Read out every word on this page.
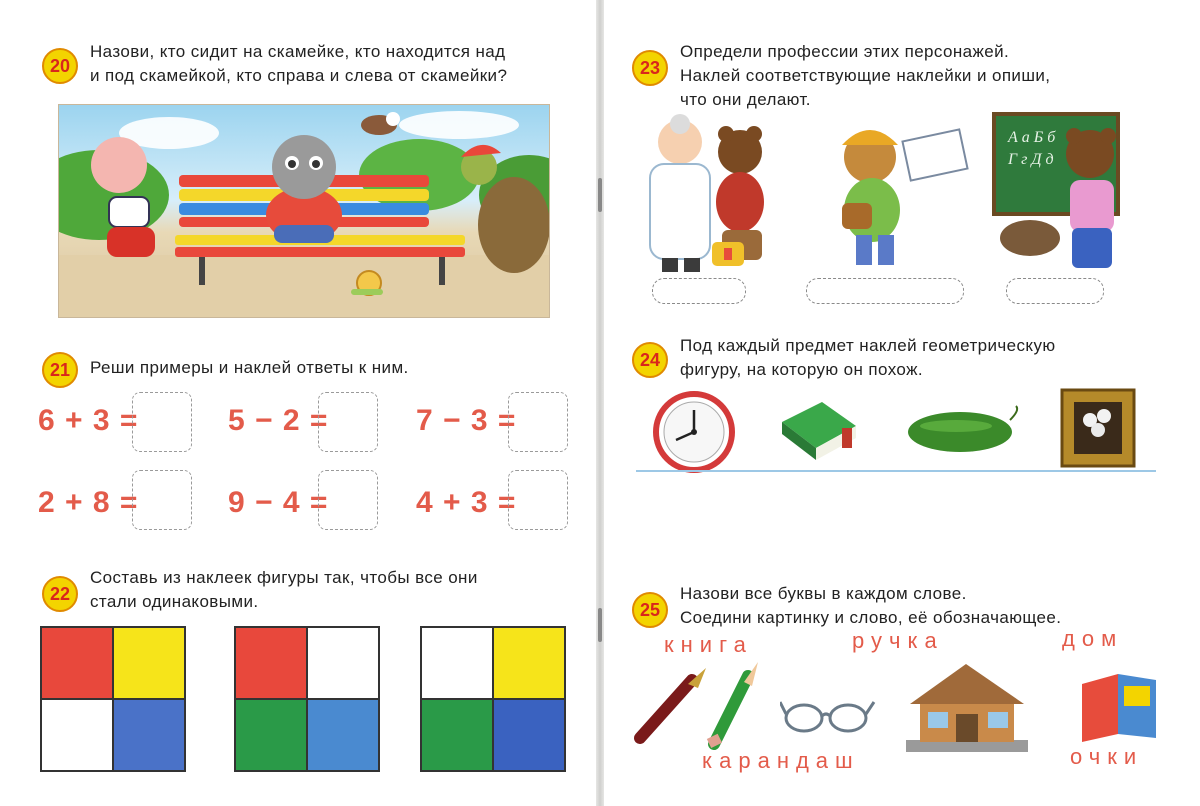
20
Назови, кто сидит на скамейке, кто находится над
и под скамейкой, кто справа и слева от скамейки?
21	Реши примеры и наклей ответы к ним.
6 + 3 =	5 − 2 =	7 − 3 =
2 + 8 =	9 − 4 =	4 + 3 =
22
Составь из наклеек фигуры так, чтобы все они
стали одинаковыми.
23
Определи профессии этих персонажей.
Наклей соответствующие наклейки и опиши,
что они делают.
А а Б б
Г г Д д
24
Под каждый предмет наклей геометрическую
фигуру, на которую он похож.
25
Назови все буквы в каждом слове.
Соедини картинку и слово, её обозначающее.
книга	ручка	дом
карандаш	очки
